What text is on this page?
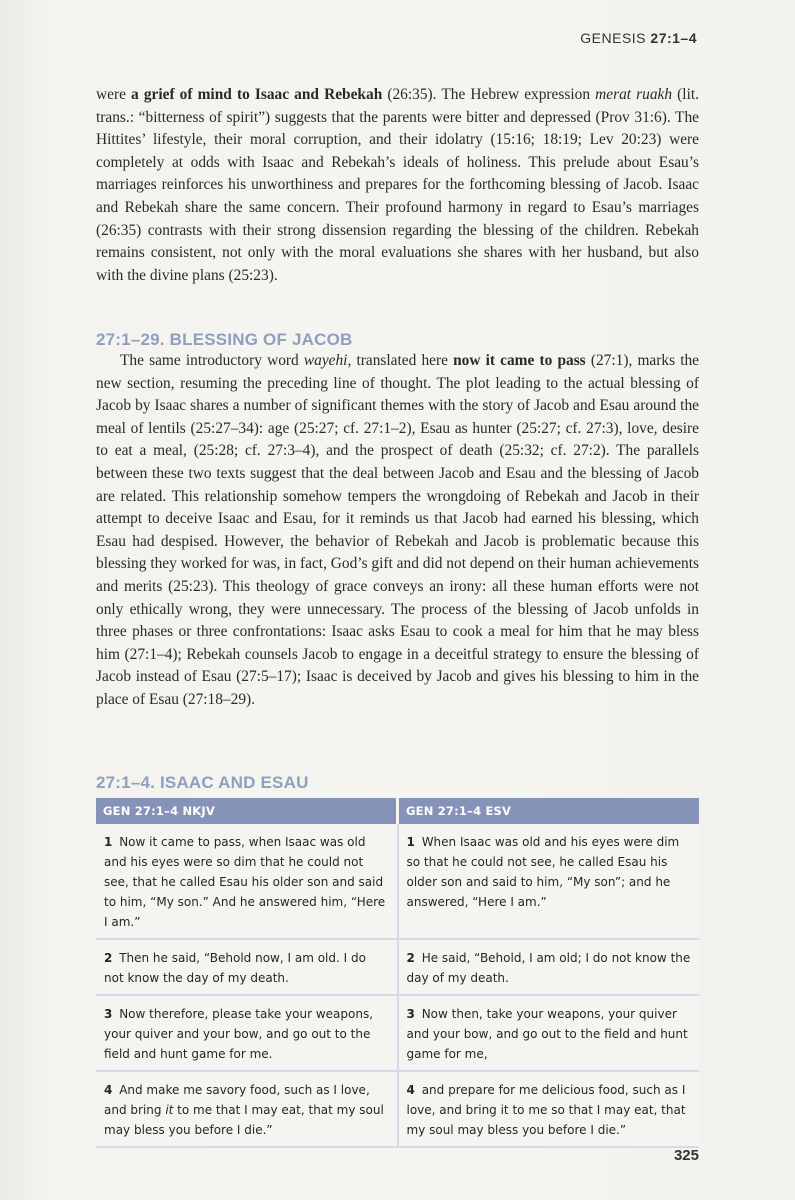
GENESIS 27:1–4

were a grief of mind to Isaac and Rebekah (26:35). The Hebrew expression merat ruakh (lit. trans.: “bitterness of spirit”) suggests that the parents were bitter and depressed (Prov 31:6). The Hittites’ lifestyle, their moral corruption, and their idolatry (15:16; 18:19; Lev 20:23) were completely at odds with Isaac and Rebekah’s ideals of holiness. This prelude about Esau’s marriages reinforces his unworthiness and prepares for the forthcoming blessing of Jacob. Isaac and Rebekah share the same concern. Their profound harmony in regard to Esau’s marriages (26:35) contrasts with their strong dissension regarding the blessing of the children. Rebekah remains consistent, not only with the moral evaluations she shares with her husband, but also with the divine plans (25:23).

27:1–29. BLESSING OF JACOB

The same introductory word wayehi, translated here now it came to pass (27:1), marks the new section, resuming the preceding line of thought. The plot leading to the actual blessing of Jacob by Isaac shares a number of significant themes with the story of Jacob and Esau around the meal of lentils (25:27–34): age (25:27; cf. 27:1–2), Esau as hunter (25:27; cf. 27:3), love, desire to eat a meal, (25:28; cf. 27:3–4), and the prospect of death (25:32; cf. 27:2). The parallels between these two texts suggest that the deal between Jacob and Esau and the blessing of Jacob are related. This relationship somehow tempers the wrongdoing of Rebekah and Jacob in their attempt to deceive Isaac and Esau, for it reminds us that Jacob had earned his blessing, which Esau had despised. However, the behavior of Rebekah and Jacob is problematic because this blessing they worked for was, in fact, God’s gift and did not depend on their human achievements and merits (25:23). This theology of grace conveys an irony: all these human efforts were not only ethically wrong, they were unnecessary. The process of the blessing of Jacob unfolds in three phases or three confrontations: Isaac asks Esau to cook a meal for him that he may bless him (27:1–4); Rebekah counsels Jacob to engage in a deceitful strategy to ensure the blessing of Jacob instead of Esau (27:5–17); Isaac is deceived by Jacob and gives his blessing to him in the place of Esau (27:18–29).

27:1–4. ISAAC AND ESAU
GEN 27:1–4 NKJV	GEN 27:1–4 ESV
1 Now it came to pass, when Isaac was old and his eyes were so dim that he could not see, that he called Esau his older son and said to him, “My son.” And he answered him, “Here I am.”	1 When Isaac was old and his eyes were dim so that he could not see, he called Esau his older son and said to him, “My son”; and he answered, “Here I am.”
2 Then he said, “Behold now, I am old. I do not know the day of my death.	2 He said, “Behold, I am old; I do not know the day of my death.
3 Now therefore, please take your weapons, your quiver and your bow, and go out to the field and hunt game for me.	3 Now then, take your weapons, your quiver and your bow, and go out to the field and hunt game for me,
4 And make me savory food, such as I love, and bring it to me that I may eat, that my soul may bless you before I die.”	4 and prepare for me delicious food, such as I love, and bring it to me so that I may eat, that my soul may bless you before I die.”
325
